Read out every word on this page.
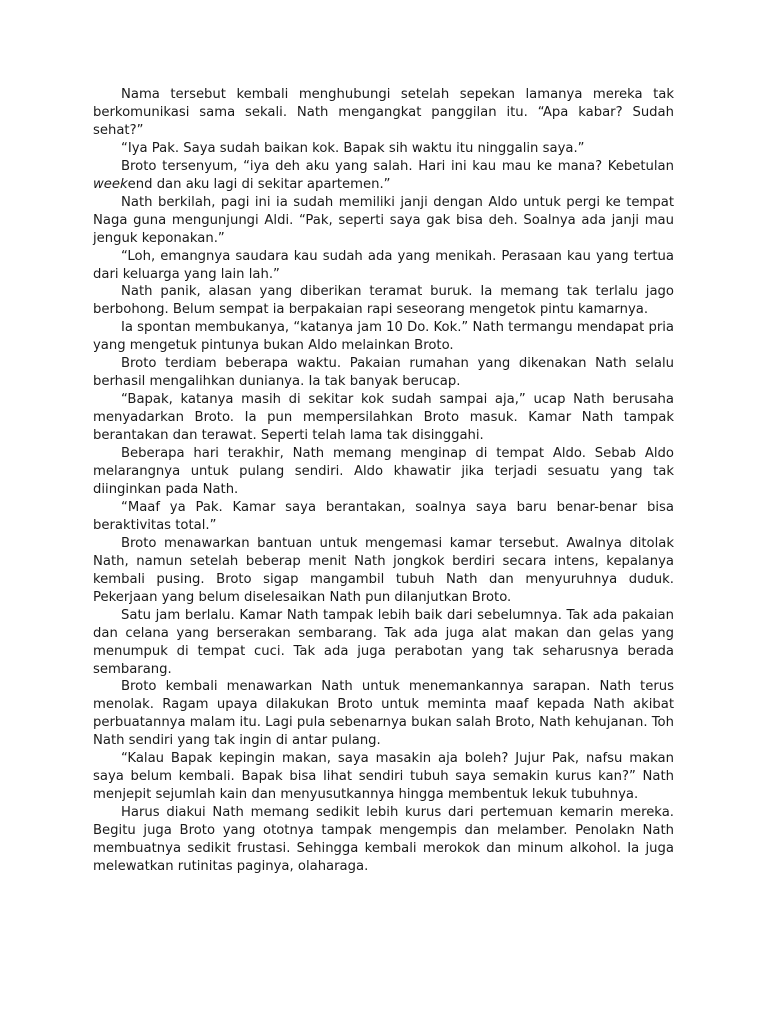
Nama tersebut kembali menghubungi setelah sepekan lamanya mereka tak berkomunikasi sama sekali. Nath mengangkat panggilan itu. “Apa kabar? Sudah sehat?”

“Iya Pak. Saya sudah baikan kok. Bapak sih waktu itu ninggalin saya.”

Broto tersenyum, “iya deh aku yang salah. Hari ini kau mau ke mana? Kebetulan weekend dan aku lagi di sekitar apartemen.”

Nath berkilah, pagi ini ia sudah memiliki janji dengan Aldo untuk pergi ke tempat Naga guna mengunjungi Aldi. “Pak, seperti saya gak bisa deh. Soalnya ada janji mau jenguk keponakan.”

“Loh, emangnya saudara kau sudah ada yang menikah. Perasaan kau yang tertua dari keluarga yang lain lah.”

Nath panik, alasan yang diberikan teramat buruk. Ia memang tak terlalu jago berbohong. Belum sempat ia berpakaian rapi seseorang mengetok pintu kamarnya.

Ia spontan membukanya, “katanya jam 10 Do. Kok.” Nath termangu mendapat pria yang mengetuk pintunya bukan Aldo melainkan Broto.

Broto terdiam beberapa waktu. Pakaian rumahan yang dikenakan Nath selalu berhasil mengalihkan dunianya. Ia tak banyak berucap.

“Bapak, katanya masih di sekitar kok sudah sampai aja,” ucap Nath berusaha menyadarkan Broto. Ia pun mempersilahkan Broto masuk. Kamar Nath tampak berantakan dan terawat. Seperti telah lama tak disinggahi.

Beberapa hari terakhir, Nath memang menginap di tempat Aldo. Sebab Aldo melarangnya untuk pulang sendiri. Aldo khawatir jika terjadi sesuatu yang tak diinginkan pada Nath.

“Maaf ya Pak. Kamar saya berantakan, soalnya saya baru benar-benar bisa beraktivitas total.”

Broto menawarkan bantuan untuk mengemasi kamar tersebut. Awalnya ditolak Nath, namun setelah beberap menit Nath jongkok berdiri secara intens, kepalanya kembali pusing. Broto sigap mangambil tubuh Nath dan menyuruhnya duduk. Pekerjaan yang belum diselesaikan Nath pun dilanjutkan Broto.

Satu jam berlalu. Kamar Nath tampak lebih baik dari sebelumnya. Tak ada pakaian dan celana yang berserakan sembarang. Tak ada juga alat makan dan gelas yang menumpuk di tempat cuci. Tak ada juga perabotan yang tak seharusnya berada sembarang.

Broto kembali menawarkan Nath untuk menemankannya sarapan. Nath terus menolak. Ragam upaya dilakukan Broto untuk meminta maaf kepada Nath akibat perbuatannya malam itu. Lagi pula sebenarnya bukan salah Broto, Nath kehujanan. Toh Nath sendiri yang tak ingin di antar pulang.

“Kalau Bapak kepingin makan, saya masakin aja boleh? Jujur Pak, nafsu makan saya belum kembali. Bapak bisa lihat sendiri tubuh saya semakin kurus kan?” Nath menjepit sejumlah kain dan menyusutkannya hingga membentuk lekuk tubuhnya.

Harus diakui Nath memang sedikit lebih kurus dari pertemuan kemarin mereka. Begitu juga Broto yang ototnya tampak mengempis dan melamber. Penolakn Nath membuatnya sedikit frustasi. Sehingga kembali merokok dan minum alkohol. Ia juga melewatkan rutinitas paginya, olaharaga.
